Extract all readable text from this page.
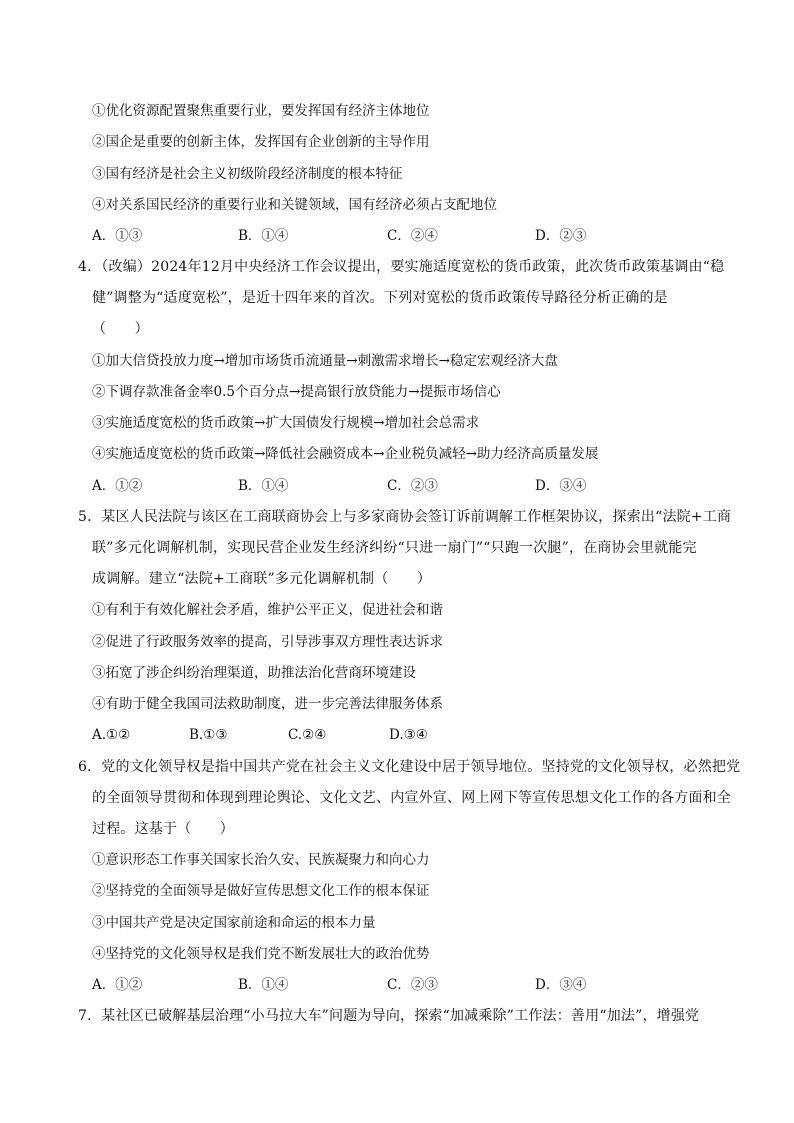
①优化资源配置聚焦重要行业，要发挥国有经济主体地位
②国企是重要的创新主体，发挥国有企业创新的主导作用
③国有经济是社会主义初级阶段经济制度的根本特征
④对关系国民经济的重要行业和关键领域，国有经济必须占支配地位
A．①③	B．①④	C．②④	D．②③
4．（改编）2024年12月中央经济工作会议提出，要实施适度宽松的货币政策，此次货币政策基调由“稳
健”调整为“适度宽松”，是近十四年来的首次。下列对宽松的货币政策传导路径分析正确的是
（　　）
①加大信贷投放力度→增加市场货币流通量→刺激需求增长→稳定宏观经济大盘
②下调存款准备金率0.5个百分点→提高银行放贷能力→提振市场信心
③实施适度宽松的货币政策→扩大国债发行规模→增加社会总需求
④实施适度宽松的货币政策→降低社会融资成本→企业税负减轻→助力经济高质量发展
A．①②	B．①④	C．②③	D．③④
5．某区人民法院与该区在工商联商协会上与多家商协会签订诉前调解工作框架协议，探索出“法院+工商
联”多元化调解机制，实现民营企业发生经济纠纷“只进一扇门”“只跑一次腿”，在商协会里就能完
成调解。建立“法院+工商联”多元化调解机制（　　）
①有利于有效化解社会矛盾，维护公平正义，促进社会和谐
②促进了行政服务效率的提高，引导涉事双方理性表达诉求
③拓宽了涉企纠纷治理渠道，助推法治化营商环境建设
④有助于健全我国司法救助制度，进一步完善法律服务体系
A.①②	B.①③	C.②④	D.③④
6．党的文化领导权是指中国共产党在社会主义文化建设中居于领导地位。坚持党的文化领导权，必然把党
的全面领导贯彻和体现到理论舆论、文化文艺、内宣外宣、网上网下等宣传思想文化工作的各方面和全
过程。这基于（　　）
①意识形态工作事关国家长治久安、民族凝聚力和向心力
②坚持党的全面领导是做好宣传思想文化工作的根本保证
③中国共产党是决定国家前途和命运的根本力量
④坚持党的文化领导权是我们党不断发展壮大的政治优势
A．①②	B．①④	C．②③	D．③④
7．某社区已破解基层治理“小马拉大车”问题为导向，探索“加减乘除”工作法：善用“加法”，增强党
